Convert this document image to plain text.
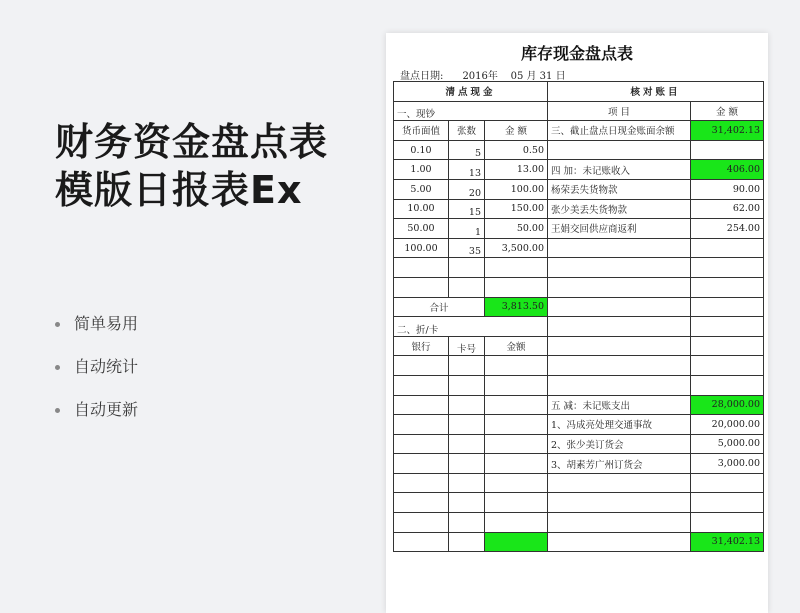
财务资金盘点表
模版日报表Ex
简单易用
自动统计
自动更新
库存现金盘点表
盘点日期:      2016年    05 月 31 日
清点现金			核对账目	
一、现钞			项 目	金 额
货币面值	张数	金 额	三、截止盘点日现金账面余额	31,402.13
0.10	5	0.50		
1.00	13	13.00	四 加：未记账收入	406.00
5.00	20	100.00	杨荣丢失货物款	90.00
10.00	15	150.00	张少美丢失货物款	62.00
50.00	1	50.00	王娟交回供应商返利	254.00
100.00	35	3,500.00		

合计		3,813.50		
二、折/卡				
银行	卡号	金额		

			五 减：未记账支出	28,000.00
			1、冯成亮处理交通事故	20,000.00
			2、张少美订货会	5,000.00
			3、胡素芳广州订货会	3,000.00

				31,402.13
